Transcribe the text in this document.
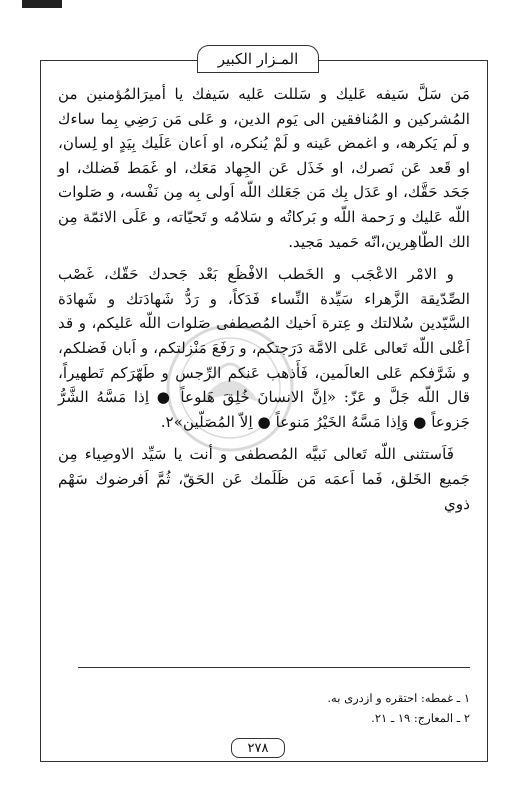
المـزار الكبير

مَن سَلَّ سَيفه عَليك و سَللت عَليه سَيفك يا أميرَالمُؤمنين من المُشركين و المُنافقين الى يَوم الدين، و عَلى مَن رَضِي بِما ساءك و لَم يَكرهه، و اغمض عَينه و لَمْ يُنكره، او اَعان عَلَيك بِيَدٍ او لِسان، او قَعد عَن نَصرك، او خَذَل عَن الجِهاد مَعَك، او غَمَط فَضلك، او جَحَد حَقَّك، او عَدَل بِك مَن جَعَلك اللّه اَولى بِه مِن نَفْسه، و صَلوات اللّه عَليك و رَحمة اللّه و بَركاتُه و سَلامُه و تَحيّاته، و عَلَى الائمّة مِن الك الطّاهِرين،انّه حَميد مَجيد.

و الامْر الاعْجَب و الخَطب الافْظَع بَعْد جَحدك حَقّك، غَصْب الصِّدّيقة الزَّهراء سَيِّدة النِّساء فَدَكاً، و رَدُّ شَهادَتك و شَهادَة السَّيّدين سُلالتك و عِترة اَخيك المُصطفى صَلوات اللّه عَليكم، و قد اَعْلى اللّه تَعالى عَلى الامَّة دَرَجتكم، و رَفَعَ مَنْزلتكم، و اَبان فَضلكم، و شَرَّفكم عَلى العالَمين، فَأَذهب عَنكم الرِّجس و طَهّرَكم تَطهيراً، قال اللّه جَلَّ و عَزّ: «اِنَّ الانسانَ خُلِقَ هَلوعاً ● اِذا مَسَّهُ الشَّرُّ جَزوعاً ● وَاِذا مَسَّهُ الخَيْرُ مَنوعاً ● اِلاّ المُصَلّين»٢.

فَاَستثنى اللّه تَعالى نَبيَّه المُصطفى و أنت يا سَيِّد الاوصِياء مِن جَميع الخَلق، فَما اَعمَه مَن ظَلَمك عَن الحَقّ، ثُمَّ اَفرضوك سَهْم ذوي

١ ـ غمطه: احتقره و ازدرى به.

٢ ـ المعارج: ١٩ ـ ٢١.

٢٧٨
